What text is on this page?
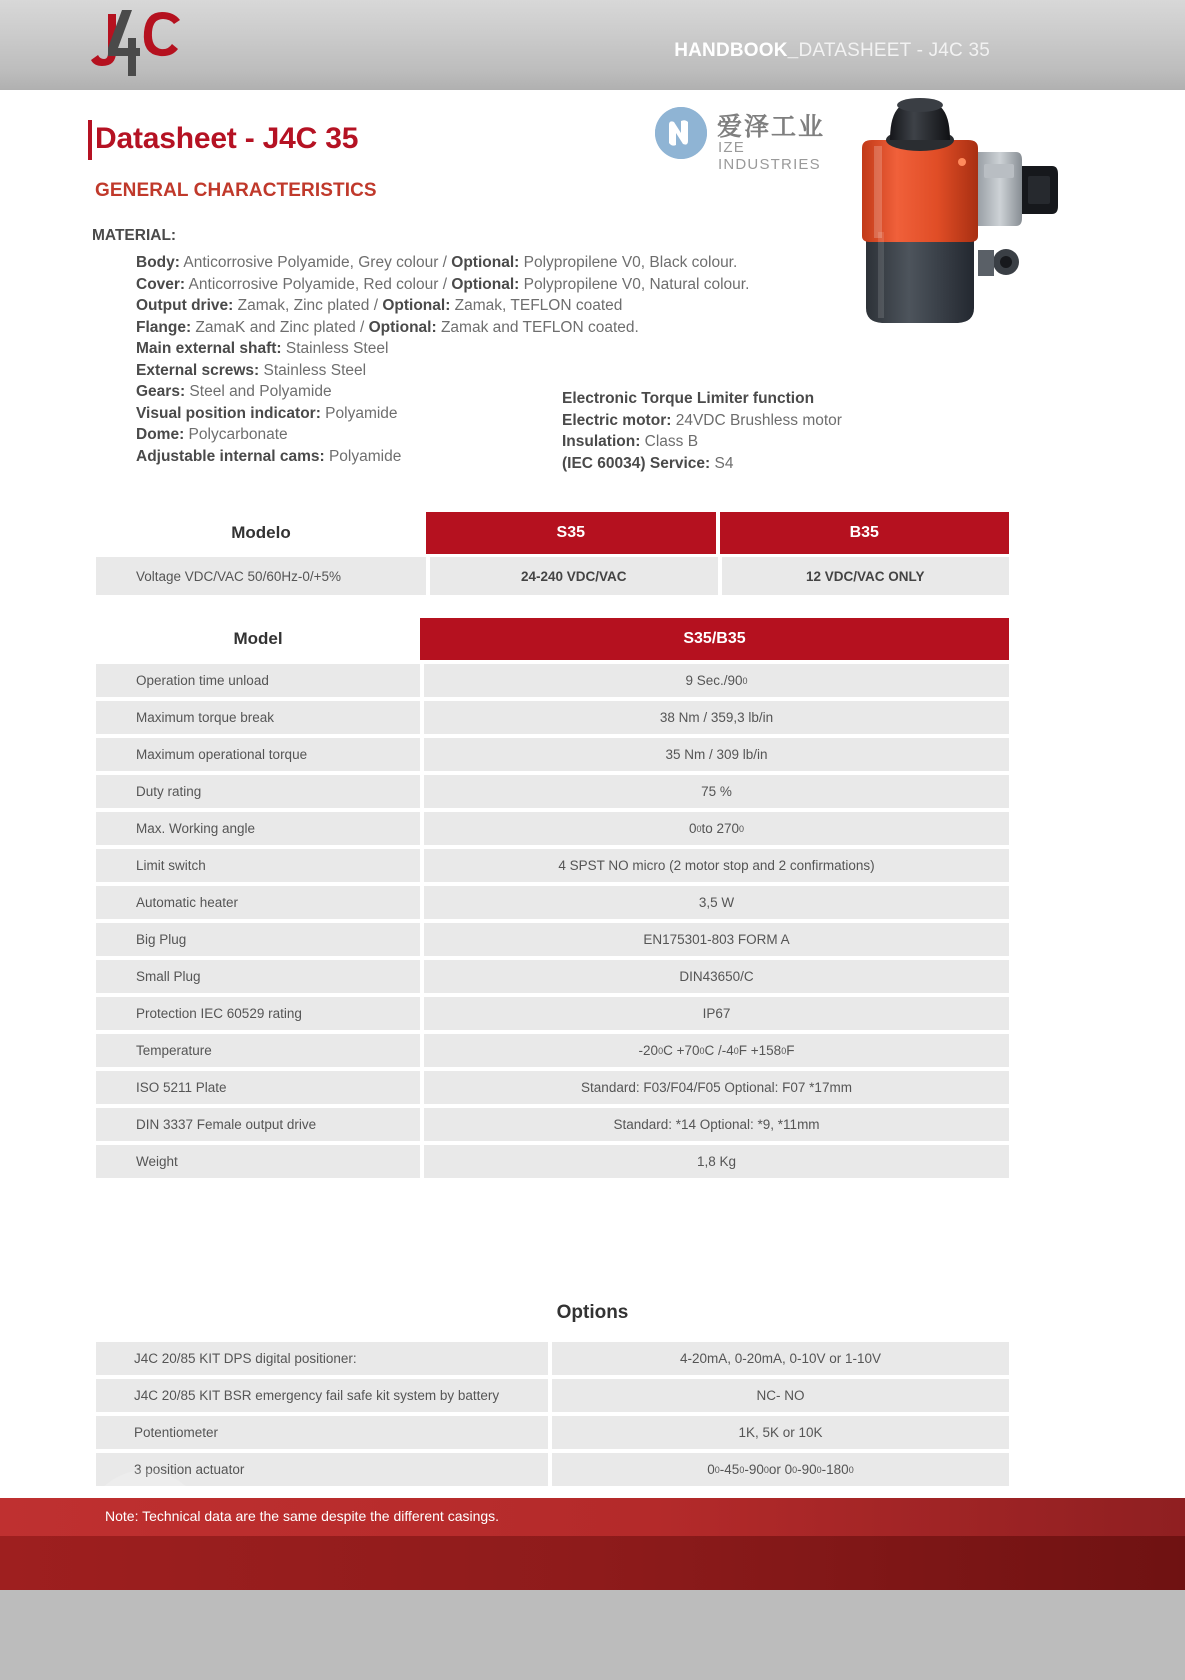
HANDBOOK_DATASHEET - J4C 35
Datasheet - J4C 35
GENERAL CHARACTERISTICS
爱泽工业
IZE INDUSTRIES
MATERIAL:
Body: Anticorrosive Polyamide, Grey colour / Optional: Polypropilene V0, Black colour.
Cover: Anticorrosive Polyamide, Red colour / Optional: Polypropilene V0, Natural colour.
Output drive: Zamak, Zinc plated / Optional: Zamak, TEFLON coated
Flange: ZamaK and Zinc plated / Optional: Zamak and TEFLON coated.
Main external shaft: Stainless Steel
External screws: Stainless Steel
Gears: Steel and Polyamide
Visual position indicator: Polyamide
Dome: Polycarbonate
Adjustable internal cams: Polyamide
Electronic Torque Limiter function
Electric motor: 24VDC Brushless motor
Insulation: Class B
(IEC 60034) Service: S4
Modelo	S35	B35
Voltage VDC/VAC 50/60Hz-0/+5%	24-240 VDC/VAC	12 VDC/VAC ONLY
Model	S35/B35
Operation time unload	9 Sec./90 0
Maximum torque break	38 Nm / 359,3 lb/in
Maximum operational torque	35 Nm / 309 lb/in
Duty rating	75 %
Max. Working angle	0 0 to 270 0
Limit switch	4 SPST NO micro (2 motor stop and 2 confirmations)
Automatic heater	3,5 W
Big Plug	EN175301-803 FORM A
Small Plug	DIN43650/C
Protection IEC 60529 rating	IP67
Temperature	-20 0 C +70 0 C /-4 0 F +158 0 F
ISO 5211 Plate	Standard: F03/F04/F05 Optional: F07 *17mm
DIN 3337 Female output drive	Standard: *14 Optional: *9, *11mm
Weight	1,8 Kg
Options
J4C 20/85 KIT DPS digital positioner:	4-20mA, 0-20mA, 0-10V or 1-10V
J4C 20/85 KIT BSR emergency fail safe kit system by battery	NC- NO
Potentiometer	1K, 5K or 10K
3 position actuator	0 0 -45 0 -90 0 or 0 0 -90 0 -180 0
Note: Technical data are the same despite the different casings.
